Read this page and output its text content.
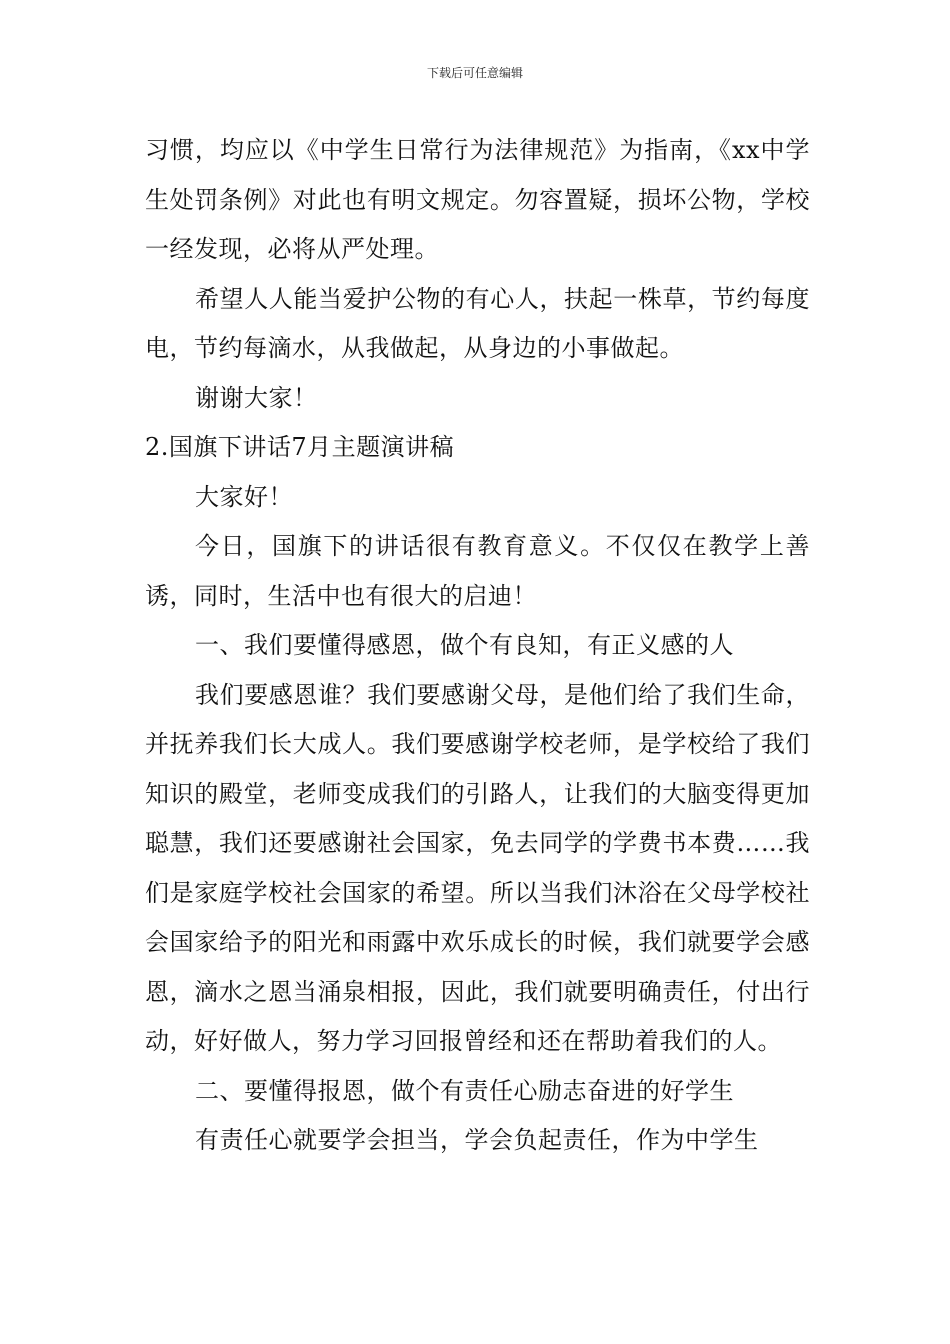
下载后可任意编辑

习惯，均应以《中学生日常行为法律规范》为指南，《xx中学生处罚条例》对此也有明文规定。勿容置疑，损坏公物，学校一经发现，必将从严处理。

希望人人能当爱护公物的有心人，扶起一株草，节约每度电，节约每滴水，从我做起，从身边的小事做起。

谢谢大家！

2.国旗下讲话7月主题演讲稿

大家好！

今日，国旗下的讲话很有教育意义。不仅仅在教学上善诱，同时，生活中也有很大的启迪！

一、我们要懂得感恩，做个有良知，有正义感的人

我们要感恩谁？我们要感谢父母，是他们给了我们生命，并抚养我们长大成人。我们要感谢学校老师，是学校给了我们知识的殿堂，老师变成我们的引路人，让我们的大脑变得更加聪慧，我们还要感谢社会国家，免去同学的学费书本费……我们是家庭学校社会国家的希望。所以当我们沐浴在父母学校社会国家给予的阳光和雨露中欢乐成长的时候，我们就要学会感恩，滴水之恩当涌泉相报，因此，我们就要明确责任，付出行动，好好做人，努力学习回报曾经和还在帮助着我们的人。

二、要懂得报恩，做个有责任心励志奋进的好学生

有责任心就要学会担当，学会负起责任，作为中学生
